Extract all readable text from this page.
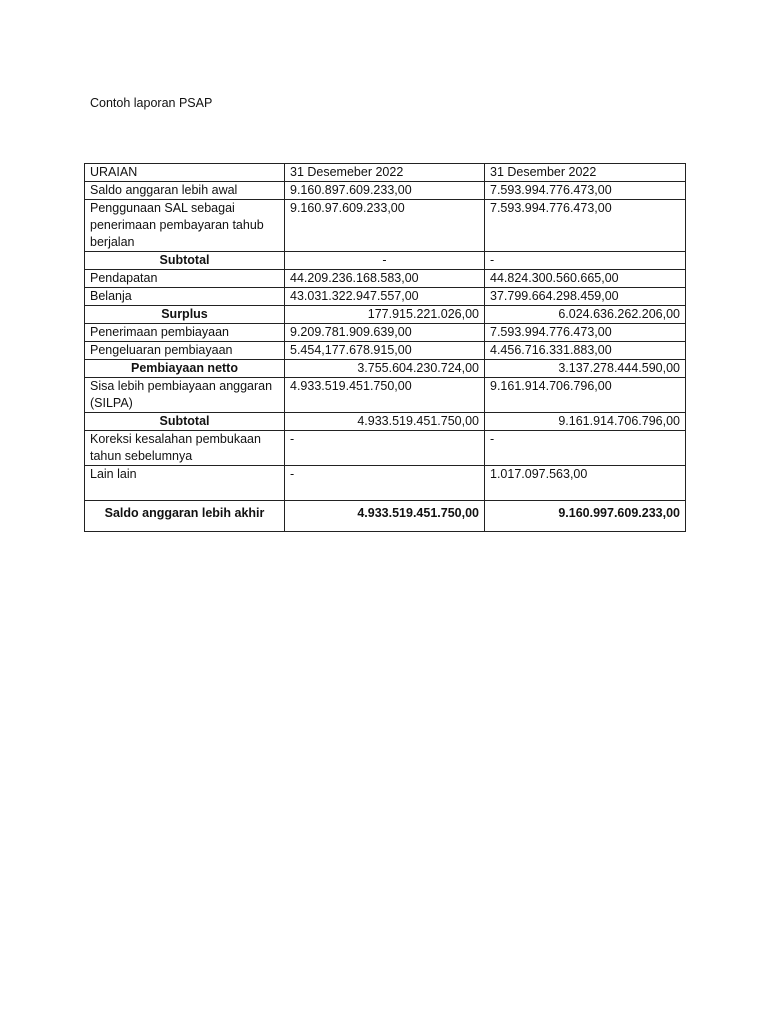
Contoh laporan PSAP
URAIAN	31 Desemeber 2022	31 Desember 2022
Saldo anggaran lebih awal	9.160.897.609.233,00	7.593.994.776.473,00
Penggunaan SAL sebagai penerimaan pembayaran tahub berjalan	9.160.97.609.233,00	7.593.994.776.473,00
Subtotal	-	-
Pendapatan	44.209.236.168.583,00	44.824.300.560.665,00
Belanja	43.031.322.947.557,00	37.799.664.298.459,00
Surplus	177.915.221.026,00	6.024.636.262.206,00
Penerimaan pembiayaan	9.209.781.909.639,00	7.593.994.776.473,00
Pengeluaran pembiayaan	5.454,177.678.915,00	4.456.716.331.883,00
Pembiayaan netto	3.755.604.230.724,00	3.137.278.444.590,00
Sisa lebih pembiayaan anggaran (SILPA)	4.933.519.451.750,00	9.161.914.706.796,00
Subtotal	4.933.519.451.750,00	9.161.914.706.796,00
Koreksi kesalahan pembukaan tahun sebelumnya	-	-
Lain lain	-	1.017.097.563,00
Saldo anggaran lebih akhir	4.933.519.451.750,00	9.160.997.609.233,00
